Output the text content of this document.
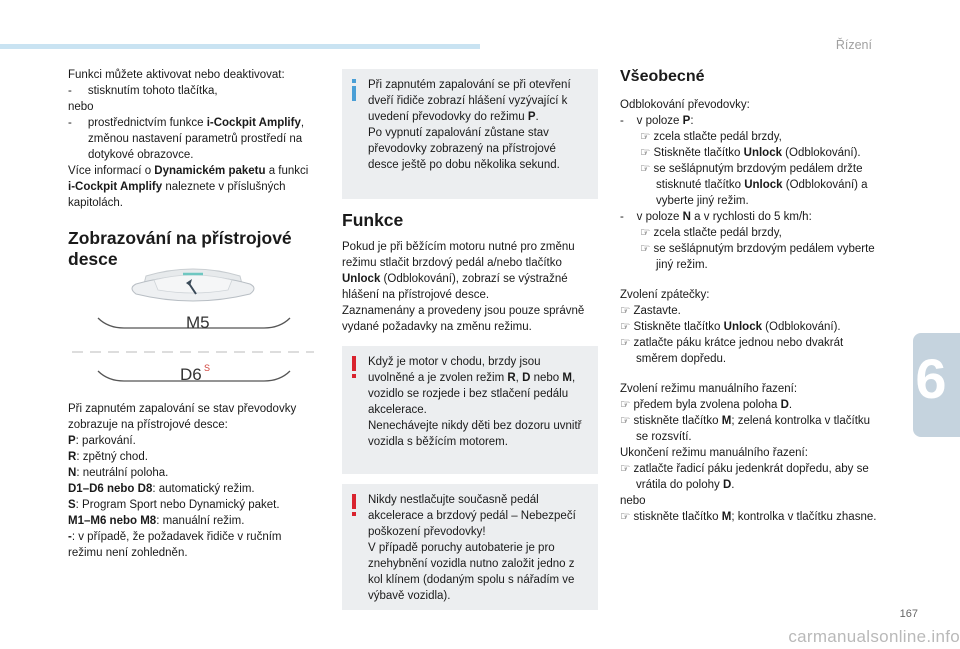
Řízení
6
Funkci můžete aktivovat nebo deaktivovat:
-     stisknutím tohoto tlačítka,
nebo
-     prostřednictvím funkce i-Cockpit Amplify, změnou nastavení parametrů prostředí na dotykové obrazovce.
Více informací o Dynamickém paketu a funkci i-Cockpit Amplify naleznete v příslušných kapitolách.
Zobrazování na přístrojové desce
M5
D6 S
Při zapnutém zapalování se stav převodovky zobrazuje na přístrojové desce:
P: parkování.
R: zpětný chod.
N: neutrální poloha.
D1–D6 nebo D8: automatický režim.
S: Program Sport nebo Dynamický paket.
M1–M6 nebo M8: manuální režim.
-: v případě, že požadavek řidiče v ručním režimu není zohledněn.
Při zapnutém zapalování se při otevření dveří řidiče zobrazí hlášení vyzývající k uvedení převodovky do režimu P.
Po vypnutí zapalování zůstane stav převodovky zobrazený na přístrojové desce ještě po dobu několika sekund.
Funkce
Pokud je při běžícím motoru nutné pro změnu režimu stlačit brzdový pedál a/nebo tlačítko Unlock (Odblokování), zobrazí se výstražné hlášení na přístrojové desce.
Zaznamenány a provedeny jsou pouze správně vydané požadavky na změnu režimu.
Když je motor v chodu, brzdy jsou uvolněné a je zvolen režim R, D nebo M, vozidlo se rozjede i bez stlačení pedálu akcelerace.
Nenechávejte nikdy děti bez dozoru uvnitř vozidla s běžícím motorem.
Nikdy nestlačujte současně pedál akcelerace a brzdový pedál – Nebezpečí poškození převodovky!
V případě poruchy autobaterie je pro znehybnění vozidla nutno založit jedno z kol klínem (dodaným spolu s nářadím ve výbavě vozidla).
Všeobecné
Odblokování převodovky:
-    v poloze P:
☞ zcela stlačte pedál brzdy,
☞ Stiskněte tlačítko Unlock (Odblokování).
☞ se sešlápnutým brzdovým pedálem držte stisknuté tlačítko Unlock (Odblokování) a vyberte jiný režim.
-    v poloze N a v rychlosti do 5 km/h:
☞ zcela stlačte pedál brzdy,
☞ se sešlápnutým brzdovým pedálem vyberte jiný režim.
Zvolení zpátečky:
☞ Zastavte.
☞ Stiskněte tlačítko Unlock (Odblokování).
☞ zatlačte páku krátce jednou nebo dvakrát směrem dopředu.
Zvolení režimu manuálního řazení:
☞ předem byla zvolena poloha D.
☞ stiskněte tlačítko M; zelená kontrolka v tlačítku se rozsvítí.
Ukončení režimu manuálního řazení:
☞ zatlačte řadicí páku jedenkrát dopředu, aby se vrátila do polohy D.
nebo
☞ stiskněte tlačítko M; kontrolka v tlačítku zhasne.
167
carmanualsonline.info
